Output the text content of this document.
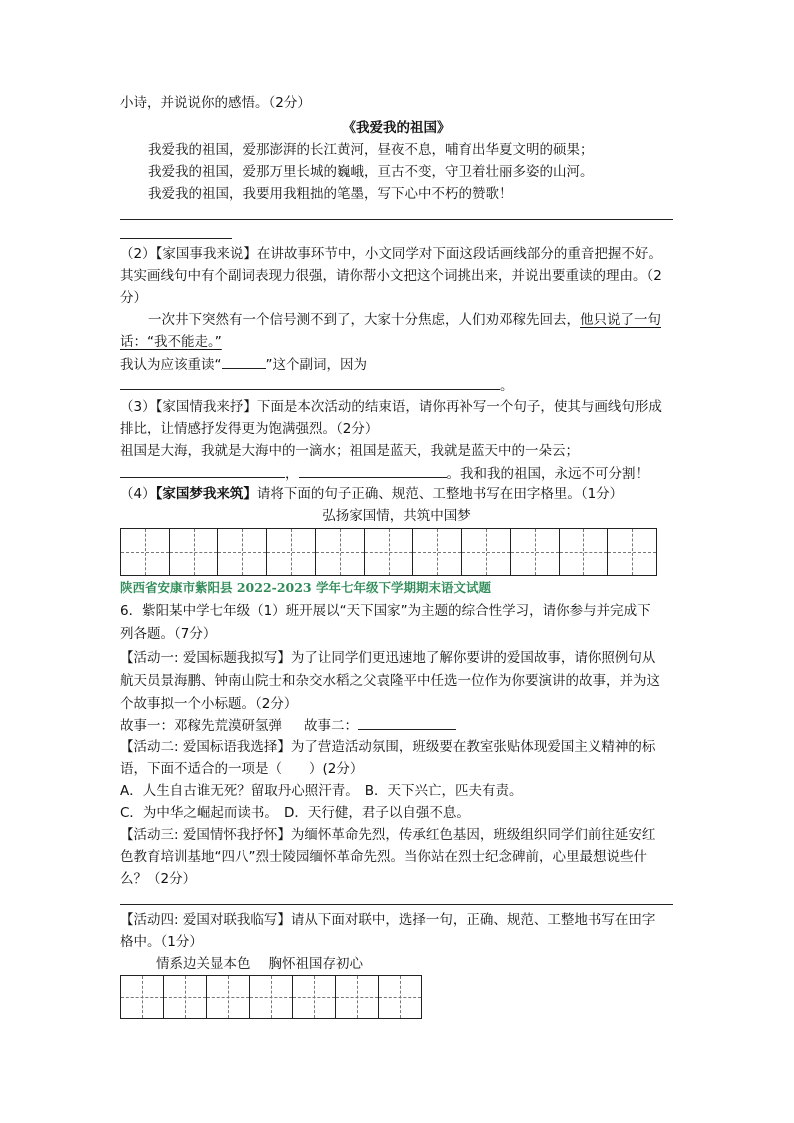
小诗，并说说你的感悟。（2分）
《我爱我的祖国》
我爱我的祖国，爱那澎湃的长江黄河，昼夜不息，哺育出华夏文明的硕果；
我爱我的祖国，爱那万里长城的巍峨，亘古不变，守卫着壮丽多姿的山河。
我爱我的祖国，我要用我粗拙的笔墨，写下心中不朽的赞歌！
（2）【家国事我来说】在讲故事环节中，小文同学对下面这段话画线部分的重音把握不好。
其实画线句中有个副词表现力很强，请你帮小文把这个词挑出来，并说出要重读的理由。（2
分）
一次井下突然有一个信号测不到了，大家十分焦虑，人们劝邓稼先回去，他只说了一句
话：“我不能走。”
我认为应该重读“	”这个副词，因为
。
（3）【家国情我来抒】下面是本次活动的结束语，请你再补写一个句子，使其与画线句形成
排比，让情感抒发得更为饱满强烈。（2分）
祖国是大海，我就是大海中的一滴水；祖国是蓝天，我就是蓝天中的一朵云；
，	。我和我的祖国，永远不可分割！
（4）【家国梦我来筑】请将下面的句子正确、规范、工整地书写在田字格里。（1分）
弘扬家国情，共筑中国梦
陕西省安康市紫阳县 2022-2023 学年七年级下学期期末语文试题
6．紫阳某中学七年级（1）班开展以“天下国家”为主题的综合性学习，请你参与并完成下
列各题。（7分）
【活动一: 爱国标题我拟写】为了让同学们更迅速地了解你要讲的爱国故事，请你照例句从
航天员景海鹏、钟南山院士和杂交水稻之父袁隆平中任选一位作为你要演讲的故事，并为这
个故事拟一个小标题。（2分）
故事一：邓稼先荒漠研氢弹 故事二：
【活动二: 爱国标语我选择】为了营造活动氛围，班级要在教室张贴体现爱国主义精神的标
语，下面不适合的一项是（　　）(2分）
A．人生自古谁无死？留取丹心照汗青。 B．天下兴亡，匹夫有责。
C．为中华之崛起而读书。 D．天行健，君子以自强不息。
【活动三: 爱国情怀我抒怀】为缅怀革命先烈，传承红色基因，班级组织同学们前往延安红
色教育培训基地“四八”烈士陵园缅怀革命先烈。当你站在烈士纪念碑前，心里最想说些什
么？（2分）
【活动四: 爱国对联我临写】请从下面对联中，选择一句，正确、规范、工整地书写在田字
格中。（1分）
情系边关显本色 胸怀祖国存初心
